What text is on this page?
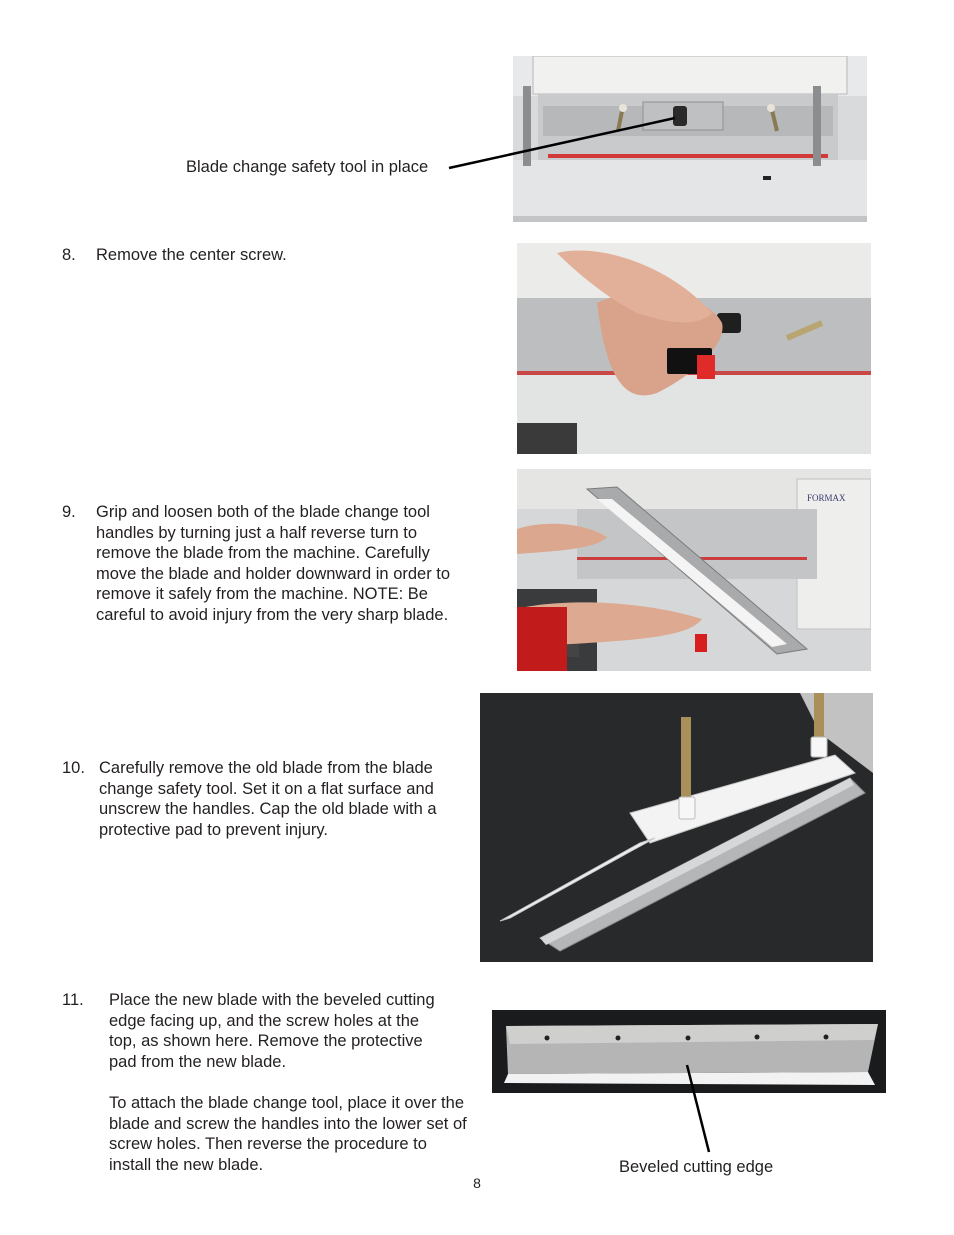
Blade change safety tool in place

FORMAX

Beveled cutting edge

8. Remove the center screw.

9. Grip and loosen both of the blade change tool handles by turning just a half reverse turn to remove the blade from the machine. Carefully move the blade and holder downward in order to remove it safely from the machine. NOTE: Be careful to avoid injury from the very sharp blade.

10. Carefully remove the old blade from the blade change safety tool. Set it on a flat surface and unscrew the handles. Cap the old blade with a protective pad to prevent injury.

11. Place the new blade with the beveled cutting edge facing up, and the screw holes at the top, as shown here. Remove the protective pad from the new blade.

To attach the blade change tool, place it over the blade and screw the handles into the lower set of screw holes. Then reverse the procedure to install the new blade.

8
